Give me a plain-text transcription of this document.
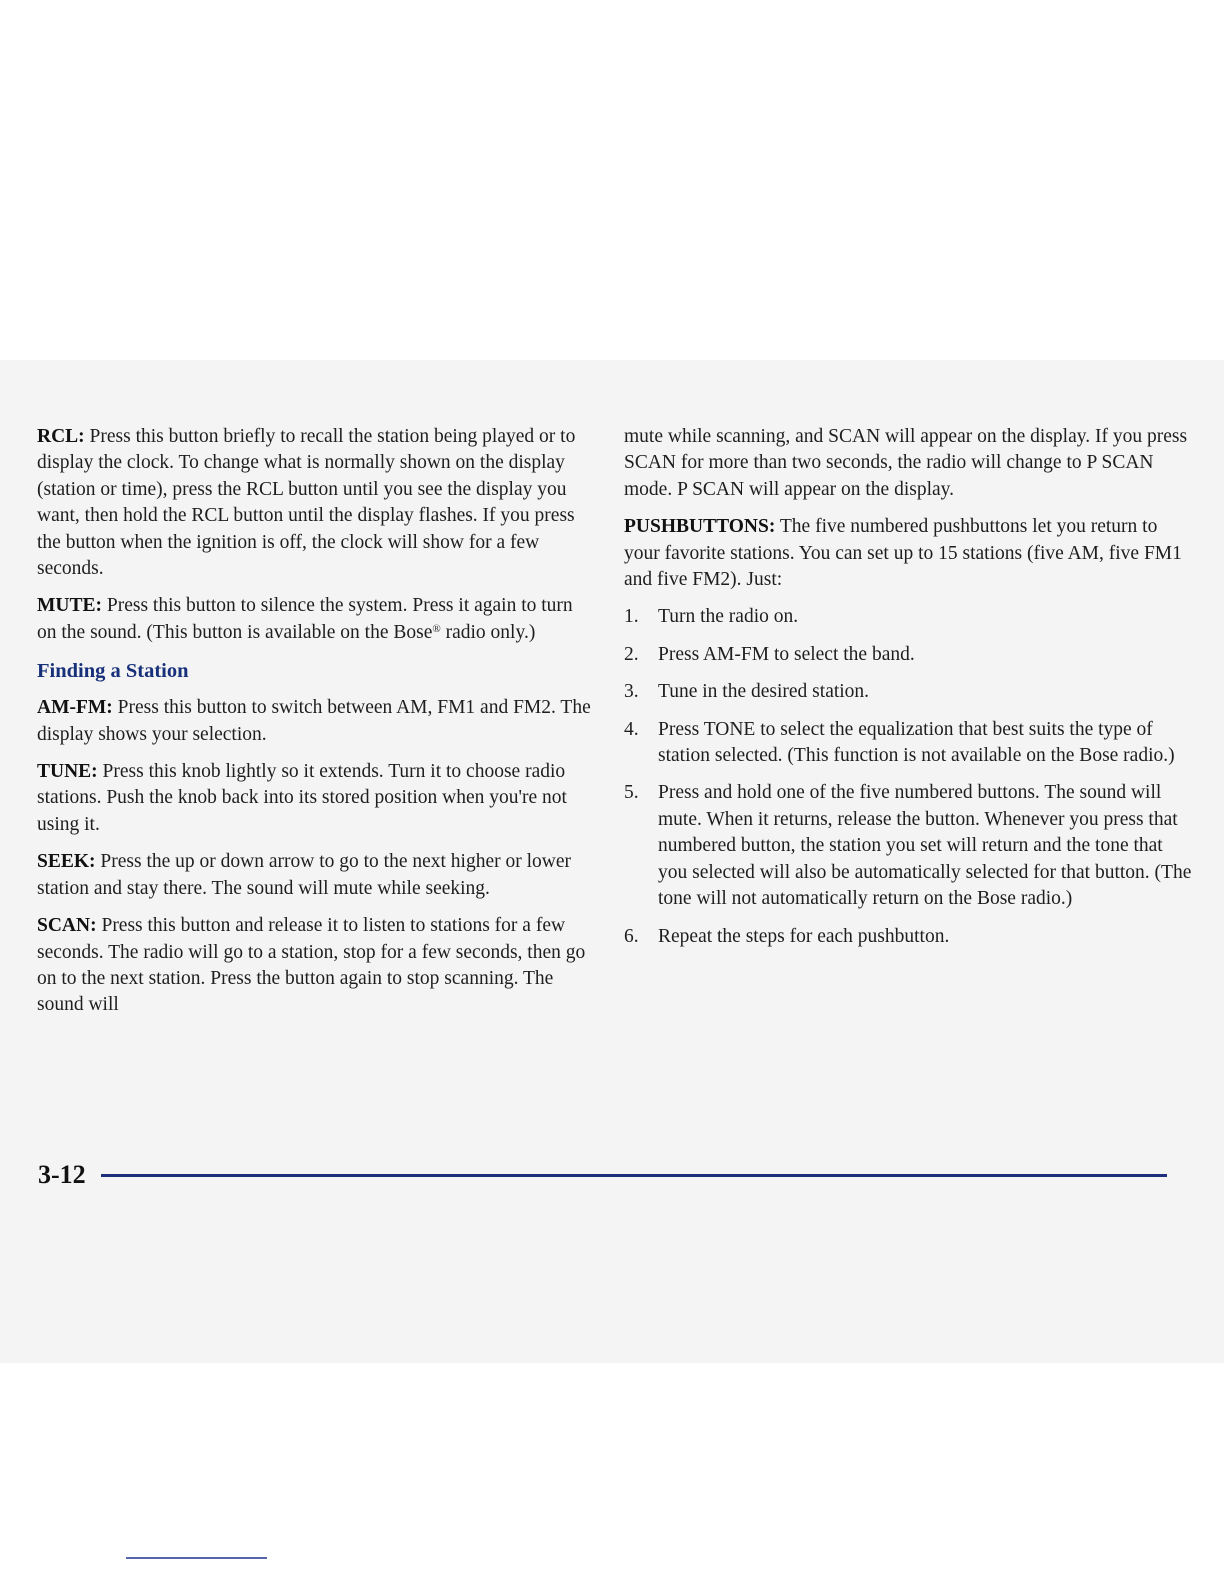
RCL: Press this button briefly to recall the station being played or to display the clock. To change what is normally shown on the display (station or time), press the RCL button until you see the display you want, then hold the RCL button until the display flashes. If you press the button when the ignition is off, the clock will show for a few seconds.

MUTE: Press this button to silence the system. Press it again to turn on the sound. (This button is available on the Bose® radio only.)

Finding a Station

AM-FM: Press this button to switch between AM, FM1 and FM2. The display shows your selection.

TUNE: Press this knob lightly so it extends. Turn it to choose radio stations. Push the knob back into its stored position when you're not using it.

SEEK: Press the up or down arrow to go to the next higher or lower station and stay there. The sound will mute while seeking.

SCAN: Press this button and release it to listen to stations for a few seconds. The radio will go to a station, stop for a few seconds, then go on to the next station. Press the button again to stop scanning. The sound will

mute while scanning, and SCAN will appear on the display. If you press SCAN for more than two seconds, the radio will change to P SCAN mode. P SCAN will appear on the display.

PUSHBUTTONS: The five numbered pushbuttons let you return to your favorite stations. You can set up to 15 stations (five AM, five FM1 and five FM2). Just:

1. Turn the radio on.
2. Press AM-FM to select the band.
3. Tune in the desired station.
4. Press TONE to select the equalization that best suits the type of station selected. (This function is not available on the Bose radio.)
5. Press and hold one of the five numbered buttons. The sound will mute. When it returns, release the button. Whenever you press that numbered button, the station you set will return and the tone that you selected will also be automatically selected for that button. (The tone will not automatically return on the Bose radio.)
6. Repeat the steps for each pushbutton.
3-12
